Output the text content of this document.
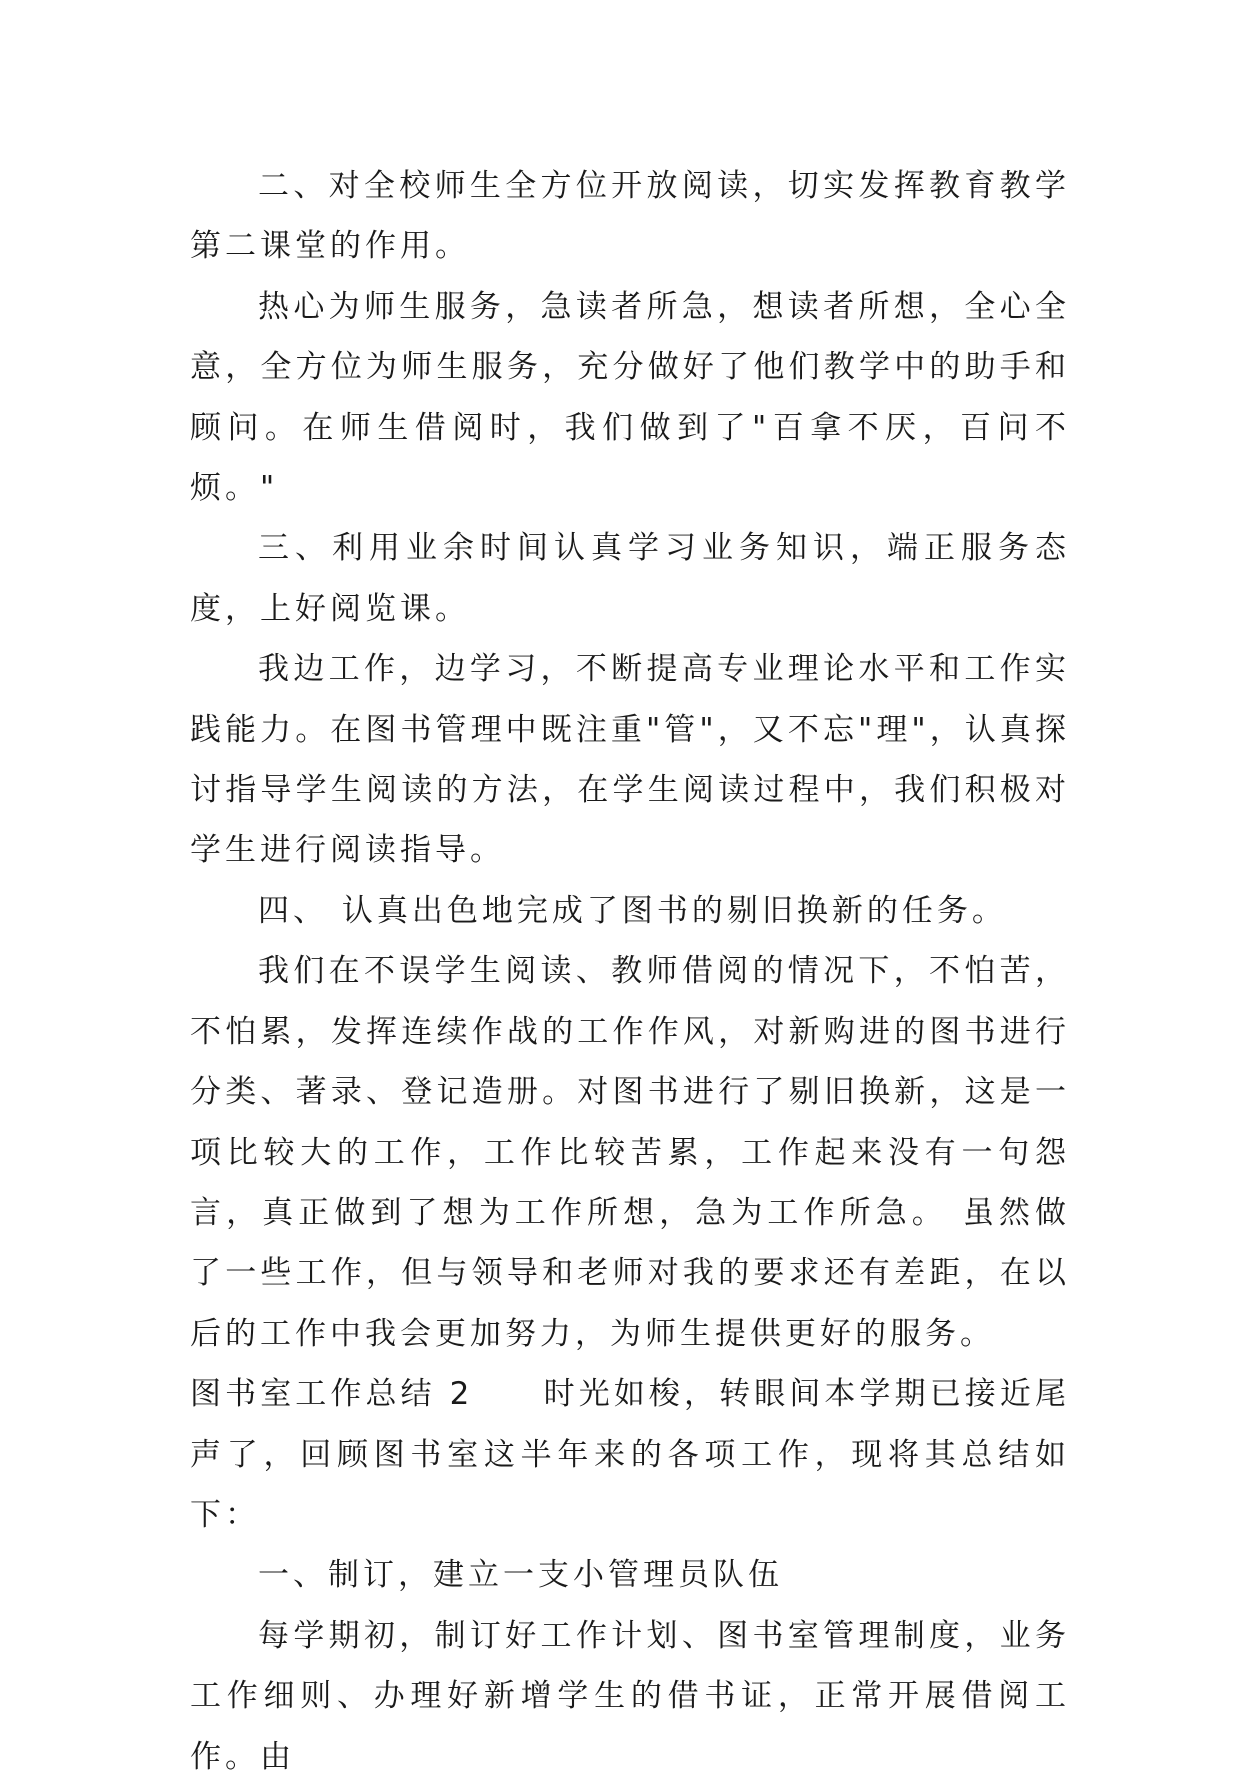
二、对全校师生全方位开放阅读，切实发挥教育教学第二课堂的作用。

热心为师生服务，急读者所急，想读者所想，全心全意，全方位为师生服务，充分做好了他们教学中的助手和顾问。在师生借阅时，我们做到了"百拿不厌，百问不烦。"

三、利用业余时间认真学习业务知识，端正服务态度，上好阅览课。

我边工作，边学习，不断提高专业理论水平和工作实践能力。在图书管理中既注重"管"，又不忘"理"，认真探讨指导学生阅读的方法，在学生阅读过程中，我们积极对学生进行阅读指导。

四、 认真出色地完成了图书的剔旧换新的任务。

我们在不误学生阅读、教师借阅的情况下，不怕苦，不怕累，发挥连续作战的工作作风，对新购进的图书进行分类、著录、登记造册。对图书进行了剔旧换新，这是一项比较大的工作，工作比较苦累，工作起来没有一句怨言，真正做到了想为工作所想，急为工作所急。 虽然做了一些工作，但与领导和老师对我的要求还有差距，在以后的工作中我会更加努力，为师生提供更好的服务。

图书室工作总结 2　　时光如梭，转眼间本学期已接近尾声了，回顾图书室这半年来的各项工作，现将其总结如下：

一、制订，建立一支小管理员队伍

每学期初，制订好工作计划、图书室管理制度，业务工作细则、办理好新增学生的借书证，正常开展借阅工作。由
